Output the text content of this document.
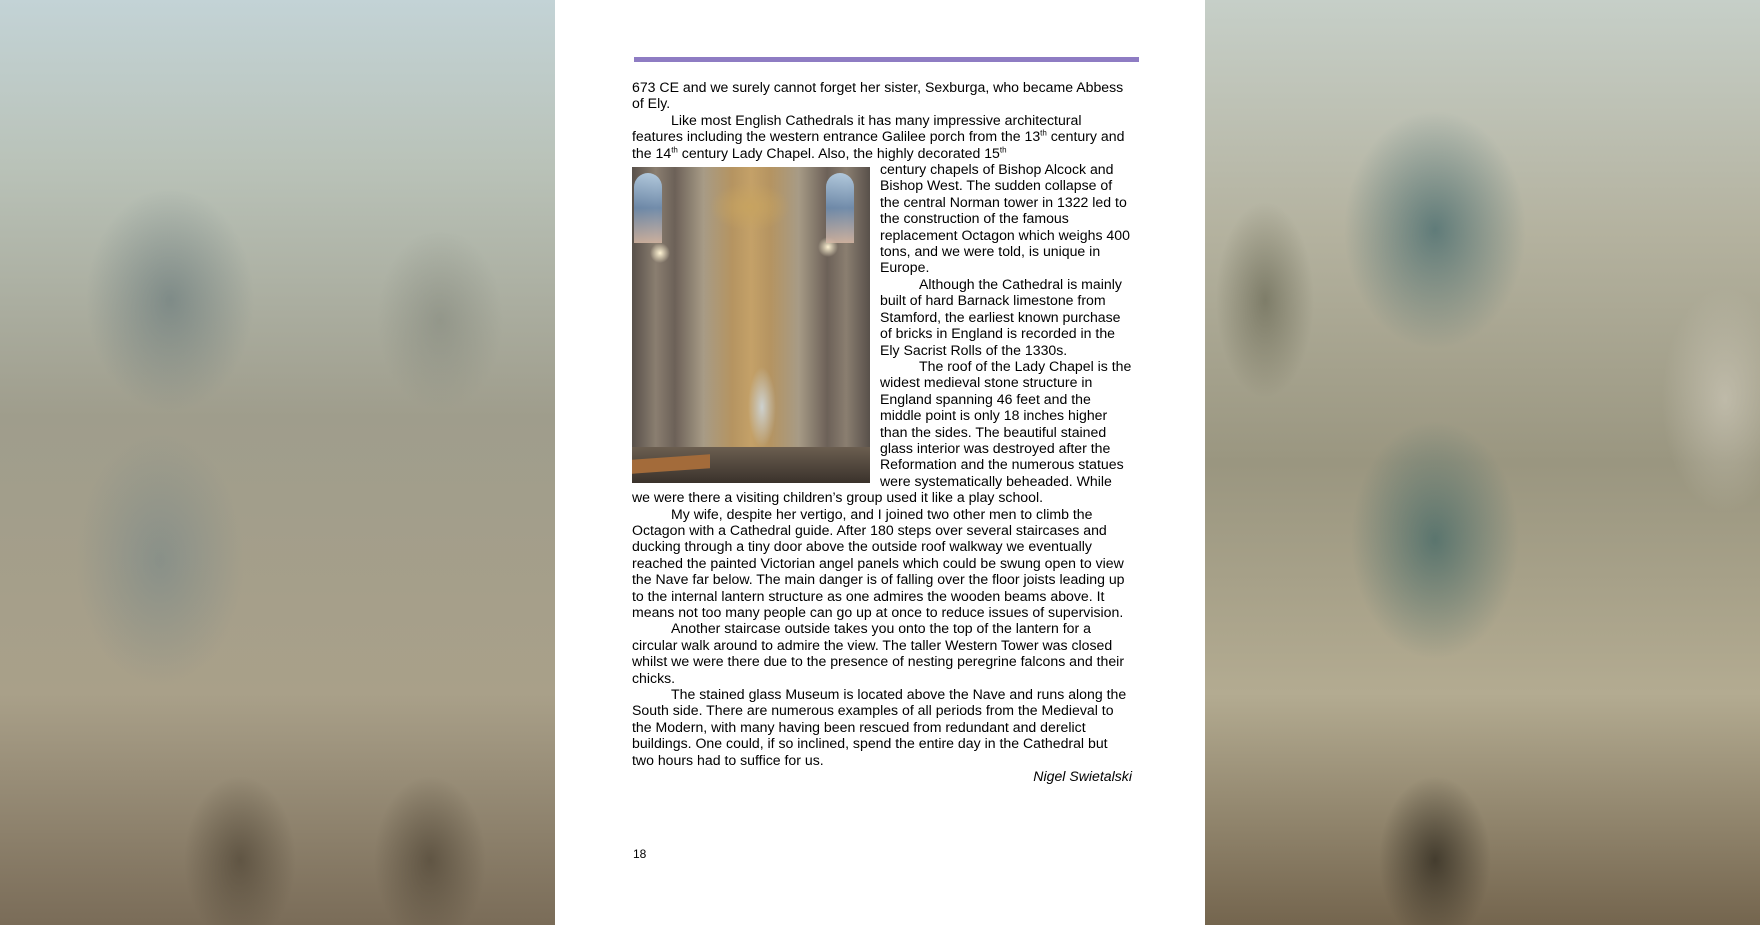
673 CE and we surely cannot forget her sister, Sexburga, who became Abbess of Ely.

Like most English Cathedrals it has many impressive architectural features including the western entrance Galilee porch from the 13th century and the 14th century Lady Chapel. Also, the highly decorated 15th

century chapels of Bishop Alcock and Bishop West. The sudden collapse of the central Norman tower in 1322 led to the construction of the famous replacement Octagon which weighs 400 tons, and we were told, is unique in Europe.

Although the Cathedral is mainly built of hard Barnack limestone from Stamford, the earliest known purchase of bricks in England is recorded in the Ely Sacrist Rolls of the 1330s.

The roof of the Lady Chapel is the widest medieval stone structure in England spanning 46 feet and the middle point is only 18 inches higher than the sides. The beautiful stained glass interior was destroyed after the Reformation and the numerous statues were systematically beheaded. While we were there a visiting children’s group used it like a play school.

My wife, despite her vertigo, and I joined two other men to climb the Octagon with a Cathedral guide. After 180 steps over several staircases and ducking through a tiny door above the outside roof walkway we eventually reached the painted Victorian angel panels which could be swung open to view the Nave far below. The main danger is of falling over the floor joists leading up to the internal lantern structure as one admires the wooden beams above. It means not too many people can go up at once to reduce issues of supervision.

Another staircase outside takes you onto the top of the lantern for a circular walk around to admire the view. The taller Western Tower was closed whilst we were there due to the presence of nesting peregrine falcons and their chicks.

The stained glass Museum is located above the Nave and runs along the South side. There are numerous examples of all periods from the Medieval to the Modern, with many having been rescued from redundant and derelict buildings. One could, if so inclined, spend the entire day in the Cathedral but two hours had to suffice for us.

Nigel Swietalski

18
